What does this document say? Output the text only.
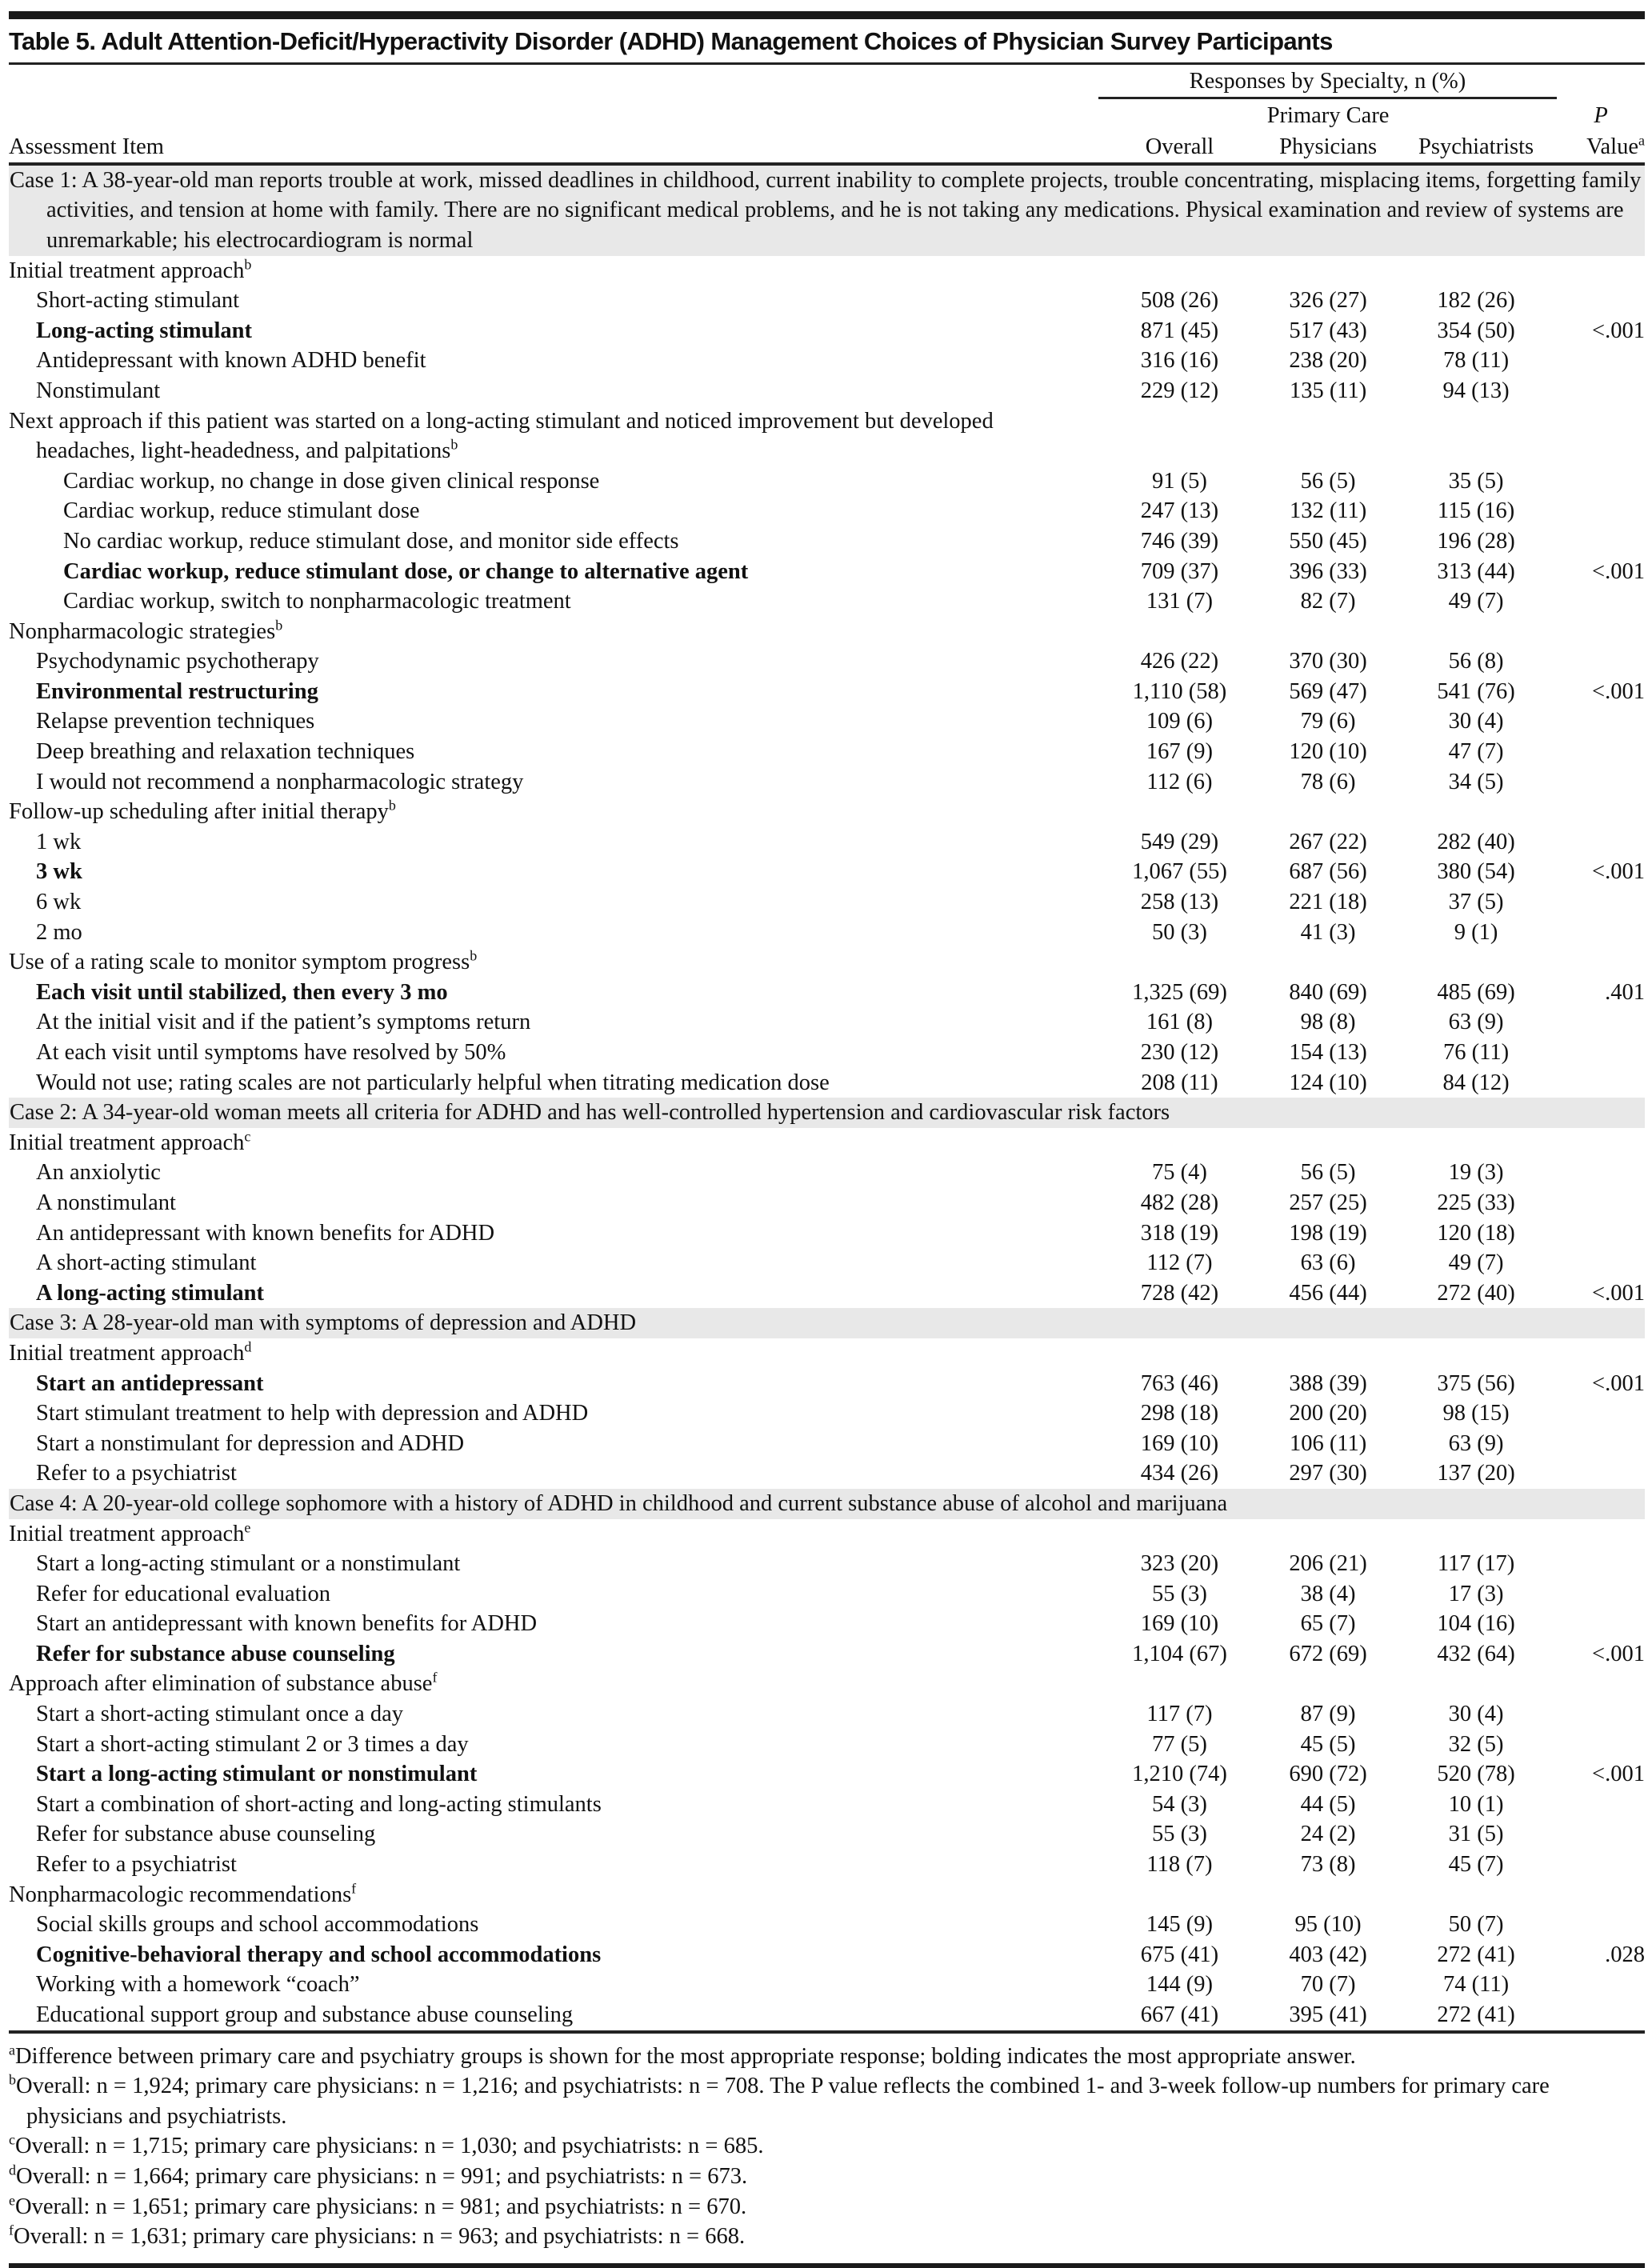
Table 5. Adult Attention-Deficit/Hyperactivity Disorder (ADHD) Management Choices of Physician Survey Participants
	Responses by Specialty, n (%)			
		Primary Care		P
Assessment Item	Overall	Physicians	Psychiatrists	Value$^a$

Case 1: A 38-year-old man reports trouble at work, missed deadlines in childhood, current inability to complete projects, trouble concentrating, misplacing items, forgetting family activities, and tension at home with family. There are no significant medical problems, and he is not taking any medications. Physical examination and review of systems are unremarkable; his electrocardiogram is normal				

Initial treatment approach$^b$				
Short-acting stimulant	508 (26)	326 (27)	182 (26)	
Long-acting stimulant	871 (45)	517 (43)	354 (50)	<.001
Antidepressant with known ADHD benefit	316 (16)	238 (20)	78 (11)	
Nonstimulant	229 (12)	135 (11)	94 (13)	

Next approach if this patient was started on a long-acting stimulant and noticed improvement but developed headaches, light-headedness, and palpitations$^b$

Cardiac workup, no change in dose given clinical response	91 (5)	56 (5)	35 (5)	
Cardiac workup, reduce stimulant dose	247 (13)	132 (11)	115 (16)	
No cardiac workup, reduce stimulant dose, and monitor side effects	746 (39)	550 (45)	196 (28)	
Cardiac workup, reduce stimulant dose, or change to alternative agent	709 (37)	396 (33)	313 (44)	<.001
Cardiac workup, switch to nonpharmacologic treatment	131 (7)	82 (7)	49 (7)	
Nonpharmacologic strategies$^b$				
Psychodynamic psychotherapy	426 (22)	370 (30)	56 (8)	
Environmental restructuring	1,110 (58)	569 (47)	541 (76)	<.001
Relapse prevention techniques	109 (6)	79 (6)	30 (4)	
Deep breathing and relaxation techniques	167 (9)	120 (10)	47 (7)	
I would not recommend a nonpharmacologic strategy	112 (6)	78 (6)	34 (5)	
Follow-up scheduling after initial therapy$^b$				
1 wk	549 (29)	267 (22)	282 (40)	
3 wk	1,067 (55)	687 (56)	380 (54)	<.001
6 wk	258 (13)	221 (18)	37 (5)	
2 mo	50 (3)	41 (3)	9 (1)	
Use of a rating scale to monitor symptom progress$^b$				
Each visit until stabilized, then every 3 mo	1,325 (69)	840 (69)	485 (69)	.401
At the initial visit and if the patient’s symptoms return	161 (8)	98 (8)	63 (9)	
At each visit until symptoms have resolved by 50%	230 (12)	154 (13)	76 (11)	
Would not use; rating scales are not particularly helpful when titrating medication dose	208 (11)	124 (10)	84 (12)	

Case 2: A 34-year-old woman meets all criteria for ADHD and has well-controlled hypertension and cardiovascular risk factors				

Initial treatment approach$^c$				
An anxiolytic	75 (4)	56 (5)	19 (3)	
A nonstimulant	482 (28)	257 (25)	225 (33)	
An antidepressant with known benefits for ADHD	318 (19)	198 (19)	120 (18)	
A short-acting stimulant	112 (7)	63 (6)	49 (7)	
A long-acting stimulant	728 (42)	456 (44)	272 (40)	<.001

Case 3: A 28-year-old man with symptoms of depression and ADHD				

Initial treatment approach$^d$				
Start an antidepressant	763 (46)	388 (39)	375 (56)	<.001
Start stimulant treatment to help with depression and ADHD	298 (18)	200 (20)	98 (15)	
Start a nonstimulant for depression and ADHD	169 (10)	106 (11)	63 (9)	
Refer to a psychiatrist	434 (26)	297 (30)	137 (20)	

Case 4: A 20-year-old college sophomore with a history of ADHD in childhood and current substance abuse of alcohol and marijuana				

Initial treatment approach$^e$				
Start a long-acting stimulant or a nonstimulant	323 (20)	206 (21)	117 (17)	
Refer for educational evaluation	55 (3)	38 (4)	17 (3)	
Start an antidepressant with known benefits for ADHD	169 (10)	65 (7)	104 (16)	
Refer for substance abuse counseling	1,104 (67)	672 (69)	432 (64)	<.001
Approach after elimination of substance abuse$^f$				
Start a short-acting stimulant once a day	117 (7)	87 (9)	30 (4)	
Start a short-acting stimulant 2 or 3 times a day	77 (5)	45 (5)	32 (5)	
Start a long-acting stimulant or nonstimulant	1,210 (74)	690 (72)	520 (78)	<.001
Start a combination of short-acting and long-acting stimulants	54 (3)	44 (5)	10 (1)	
Refer for substance abuse counseling	55 (3)	24 (2)	31 (5)	
Refer to a psychiatrist	118 (7)	73 (8)	45 (7)	
Nonpharmacologic recommendations$^f$				
Social skills groups and school accommodations	145 (9)	95 (10)	50 (7)	
Cognitive-behavioral therapy and school accommodations	675 (41)	403 (42)	272 (41)	.028
Working with a homework “coach”	144 (9)	70 (7)	74 (11)	
Educational support group and substance abuse counseling	667 (41)	395 (41)	272 (41)	
$^a$Difference between primary care and psychiatry groups is shown for the most appropriate response; bolding indicates the most appropriate answer.
$^b$Overall: n = 1,924; primary care physicians: n = 1,216; and psychiatrists: n = 708. The P value reflects the combined 1- and 3-week follow-up numbers for primary care physicians and psychiatrists.
$^c$Overall: n = 1,715; primary care physicians: n = 1,030; and psychiatrists: n = 685.
$^d$Overall: n = 1,664; primary care physicians: n = 991; and psychiatrists: n = 673.
$^e$Overall: n = 1,651; primary care physicians: n = 981; and psychiatrists: n = 670.
$^f$Overall: n = 1,631; primary care physicians: n = 963; and psychiatrists: n = 668.
